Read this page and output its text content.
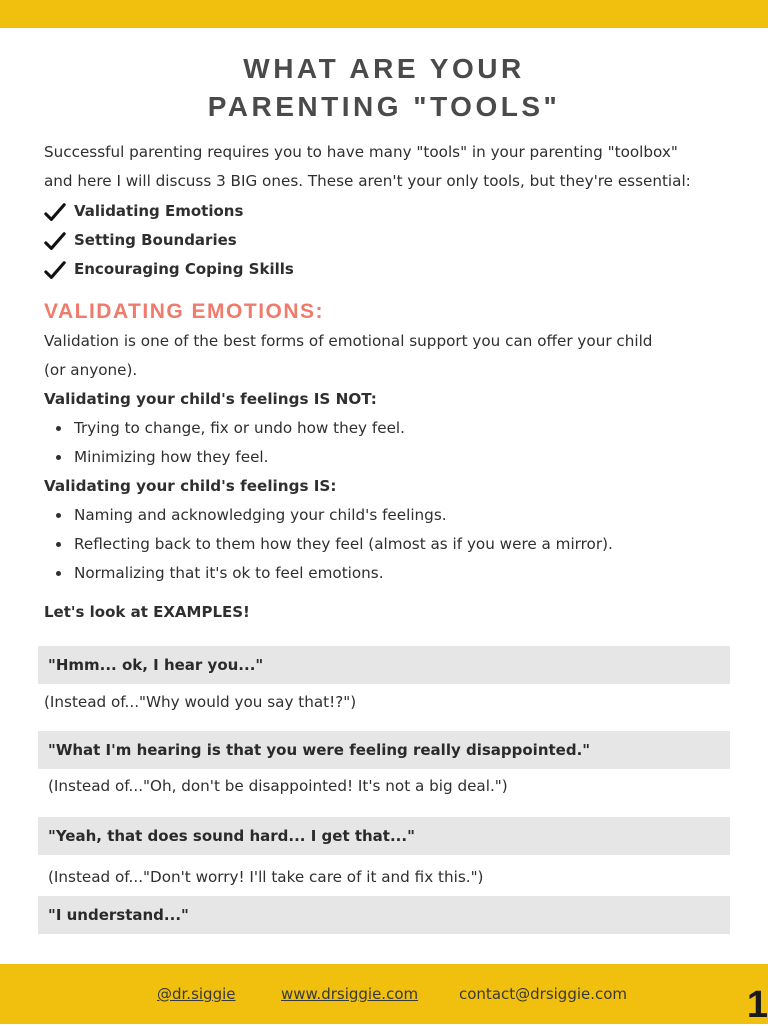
WHAT ARE YOUR
PARENTING "TOOLS"

Successful parenting requires you to have many "tools" in your parenting "toolbox"

and here I will discuss 3 BIG ones. These aren't your only tools, but they're essential:

Validating Emotions
Setting Boundaries
Encouraging Coping Skills
VALIDATING EMOTIONS:

Validation is one of the best forms of emotional support you can offer your child

(or anyone).

Validating your child's feelings IS NOT:

Trying to change, fix or undo how they feel.
Minimizing how they feel.

Validating your child's feelings IS:

Naming and acknowledging your child's feelings.
Reflecting back to them how they feel (almost as if you were a mirror).
Normalizing that it's ok to feel emotions.
Let's look at EXAMPLES!
"Hmm... ok, I hear you..."
(Instead of..."Why would you say that!?")
"What I'm hearing is that you were feeling really disappointed."
(Instead of..."Oh, don't be disappointed! It's not a big deal.")
"Yeah, that does sound hard... I get that..."
(Instead of..."Don't worry! I'll take care of it and fix this.")
"I understand..."
@dr.siggie	www.drsiggie.com	contact@drsiggie.com	1
